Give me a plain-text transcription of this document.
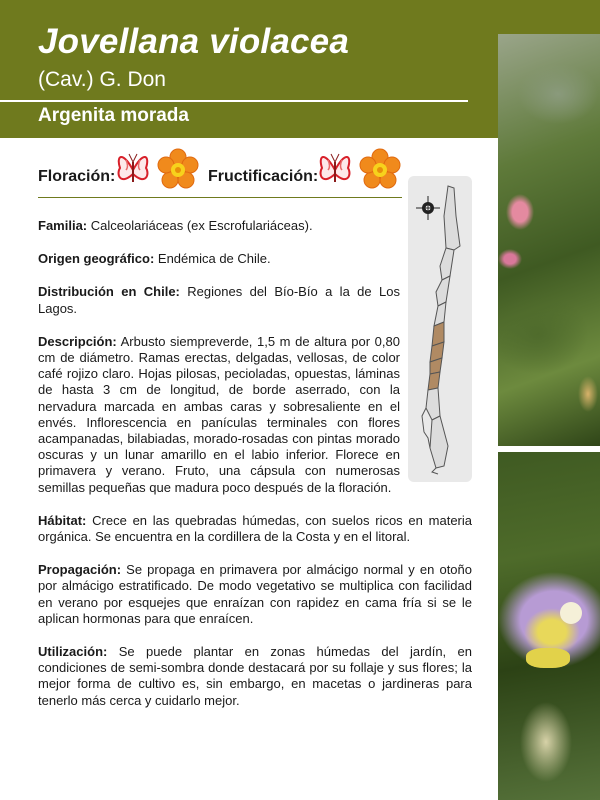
Jovellana violacea
(Cav.) G. Don
Argenita morada
Floración:	Fructificación:

Familia: Calceolariáceas (ex Escrofulariáceas).

Origen geográfico: Endémica de Chile.

Distribución en Chile: Regiones del Bío-Bío a la de Los Lagos.

Descripción: Arbusto siempreverde, 1,5 m de altura por 0,80 cm de diámetro. Ramas erectas, delgadas, vellosas, de color café rojizo claro. Hojas pilosas, pecioladas, opuestas, láminas de hasta 3 cm de longitud, de borde aserrado, con la nervadura marcada en ambas caras y sobresaliente en el envés. Inflorescencia en panículas terminales con flores acampanadas, bilabiadas, morado-rosadas con pintas morado oscuras y un lunar amarillo en el labio inferior. Florece en primavera y verano. Fruto, una cápsula con numerosas semillas pequeñas que madura poco después de la floración.

Hábitat: Crece en las quebradas húmedas, con suelos ricos en materia orgánica. Se encuentra en la cordillera de la Costa y en el litoral.

Propagación: Se propaga en primavera por almácigo normal y en otoño por almácigo estratificado. De modo vegetativo se multiplica con facilidad en verano por esquejes que enraízan con rapidez en cama fría si se le aplican hormonas para que enraícen.

Utilización: Se puede plantar en zonas húmedas del jardín, en condiciones de semi-sombra donde destacará por su follaje y sus flores; la mejor forma de cultivo es, sin embargo, en macetas o jardineras para tenerlo más cerca y cuidarlo mejor.
